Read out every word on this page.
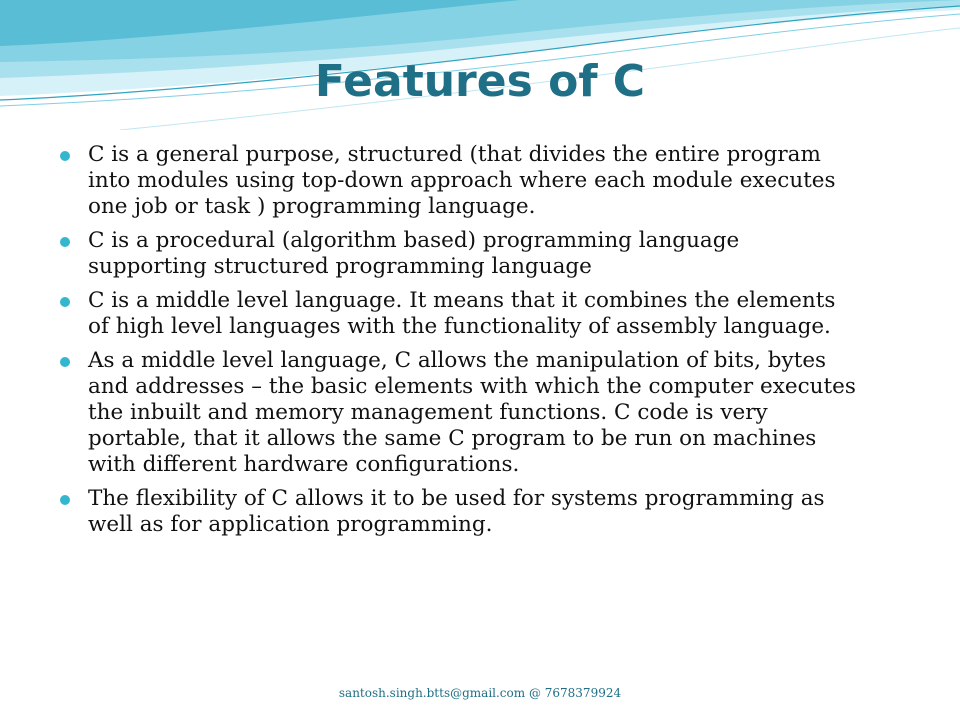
Features of C
C is a general purpose, structured (that divides the entire program into modules using top-down approach where each module executes one job or task ) programming language.
C is a procedural (algorithm based) programming language supporting structured programming language
C is a middle level language. It means that it combines the elements of high level languages with the functionality of assembly language.
As a middle level language, C allows the manipulation of bits, bytes and addresses – the basic elements with which the computer executes the inbuilt and memory management functions. C code is very portable, that it allows the same C program to be run on machines with different hardware configurations.
The flexibility of C allows it to be used for systems programming as well as for application programming.
santosh.singh.btts@gmail.com @ 7678379924
